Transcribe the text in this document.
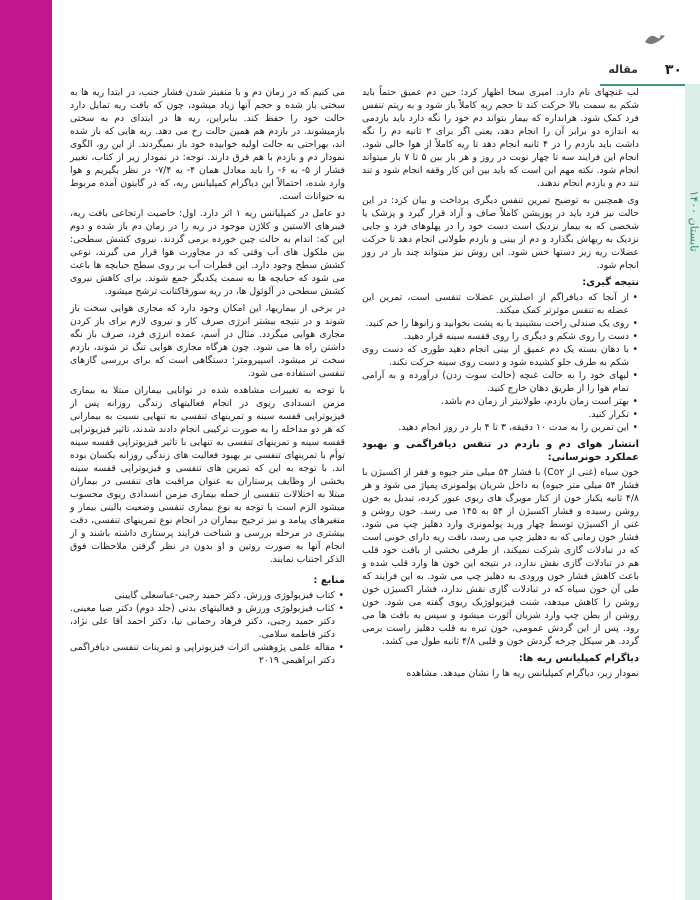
مقاله ۳۰
تابستان ۱۴۰۰

لب غنچهای نام دارد. امیری سخا اظهار کرد: حین دم عمیق حتماً باید شکم به سمت بالا حرکت کند تا حجم ریه کاملاً باز شود و به ریتم تنفس فرد کمک شود. هرانداره که بیمار بتواند دم خود را نگه دارد باید بازدمی به اندازه دو برابر آن را انجام دهد، یعنی اگر برای ۲ ثانیه دم را نگه داشت باید بازدم را در ۴ ثانیه انجام دهد تا ریه کاملاً از هوا خالی شود. انجام این فرایند سه تا چهار نوبت در روز و هر بار بین ۵ تا ۷ بار میتواند انجام شود. نکته مهم این است که باید بین این کار وقفه انجام شود و تند تند دم و بازدم انجام ندهند.

وی همچنین به توضیح تمرین تنفس دیگری پرداخت و بیان کرد: در این حالت نیز فرد باید در پوزیشن کاملاً صاف و آزاد قرار گیرد و پزشک یا شخصی که به بیمار نزدیک است دست خود را در پهلوهای فرد و جایی نزدیک به ریهاش بگذارد و دم از بینی و بازدم طولانی انجام دهد تا حرکت عضلات ریه زیر دستها حس شود. این روش نیز میتواند چند بار در روز انجام شود.

نتیجه گیری:
• از آنجا که دیافراگم از اصلیترین عضلات تنفسی است، تمرین این عضله به تنفس موثرتر کمک میکند.
• روی یک صندلی راحت بنشینید یا به پشت بخوابید و زانوها را خم کنید.
• دست را روی شکم و دیگری را روی قفسه سینه قرار دهید.
• با دهان بسته یک دم عمیق از بینی انجام دهید طوری که دست روی شکم به طرف جلو کشیده شود و دست روی سینه حرکت نکند.
• لبهای خود را به حالت غنچه (حالت سوت زدن) درآورده و به آرامی تمام هوا را از طریق دهان خارج کنید.
• بهتر است زمان بازدم، طولانیتر از زمان دم باشد.
• تکرار کنید.
• این تمرین را به مدت ۱۰ دقیقه، ۳ تا ۴ بار در روز انجام دهید.
انتشار هوای دم و بازدم در تنفس دیافراگمی و بهبود عملکرد خونرسانی:

خون سیاه (غنی از Co۲) با فشار ۵۴ میلی متر جیوه و فقر از اکسیژن با فشار ۵۴ میلی متر جیوه) به داخل شریان پولمونری پمپاژ می شود و هر ۴/۸ ثانیه یکبار خون از کنار مویرگ های ریوی عبور کرده، تبدیل به خون روشن رسیده و فشار اکسیژن از ۵۴ به ۱۴۵ می رسد. خون روشن و غنی از اکسیژن توسط چهار ورید پولمونری وارد دهلیز چپ می شود. فشار خون زمانی که به دهلیز چپ می رسد، بافت ریه دارای خونی است که در تبادلات گازی شرکت نمیکند، از طرفی بخشی از بافت خود قلب هم در تبادلات گازی نقش ندارد، در نتیجه این خون ها وارد قلب شده و باعث کاهش فشار خون ورودی به دهلیز چپ می شود. به این فرایند که طی آن خون سیاه که در تبادلات گازی نقش ندارد، فشار اکسیژن خون روشن را کاهش میدهد، شنت فیزیولوژیک ریوی گفته می شود. خون روشن از بطن چپ وارد شریان آئورت میشود و سپس به بافت ها می رود. پس از این گردش عمومی، خون تیره به قلب دهلیز راست برمی گردد. هر سیکل چرخه گردش خون و قلبی ۴/۸ ثانیه طول می کشد.

دیاگرام کمپلیانس ریه ها:

نمودار زیر، دیاگرام کمپلیانس ریه ها را نشان میدهد. مشاهده

می کنیم که در زمان دم و با منفیتر شدن فشار جنب، در ابتدا ریه ها به سختی باز شده و حجم آنها زیاد میشود، چون که بافت ریه تمایل دارد حالت خود را حفظ کند. بنابراین، ریه ها در ابتدای دم به سختی بازمیشوند. در بازدم هم همین حالت رخ می دهد. ریه هایی که باز شده اند، بهراحتی به حالت اولیه خوابیده خود باز نمیگردند. از این رو، الگوی نمودار دم و بازدم با هم فرق دارند. توجه: در نمودار زیر از کتاب، تغییر فشار از ۵- به ۶- را باید معادل همان ۴- به ۷/۴- در نظر بگیریم و هوا وارد شده، احتمالاً این دیاگرام کمپلیانس ریه، که در گایتون آمده مربوط به حیوانات است.

دو عامل در کمپلیانس ریه ۱ اثر دارد. اول: خاصیت ارتجاعی بافت ریه، فیبرهای الاستین و کلاژن موجود در ریه را در زمان دم باز شده و دوم این که: اندام به حالت چین خورده برمی گردند. نیروی کشش سطحی: بین ملکول های آب وقتی که در مجاورت هوا قرار می گیرند، نوعی کشش سطح وجود دارد. این قطرات آب بر روی سطح حبابچه ها باعث می شود که حبابچه ها به سمت یکدیگر جمع شوند. برای کاهش نیروی کشش سطحی در آلوئول ها، در ریه سورفاکتانت ترشح میشود.

در برخی از بیماریها، این امکان وجود دارد که مجاری هوایی سخت باز شوند و در نتیجه بیشتر انرژی صرف کار و نیروی لازم برای باز کردن مجاری هوایی میگردد. مثال در آسم، عمده انرژی فرد، صرف باز نگه داشتن راه ها می شود. چون هرگاه مجاری هوایی تنگ تر شوند، بازدم سخت تر میشود. اسپیرومتر: دستگاهی است که برای بررسی گازهای تنفسی استفاده می شود.

با توجه به تغییرات مشاهده شده در توانایی بیماران مبتلا به بیماری مزمن انسدادی ریوی در انجام فعالیتهای زندگی روزانه پس از فیزیوتراپی قفسه سینه و تمرینهای تنفسی به تنهایی نسبت به بیمارانی که هر دو مداخله را به صورت ترکیبی انجام دادند شدند، تاثیر فیزیوتراپی قفسه سینه و تمرینهای تنفسی به تنهایی با تاثیر فیزیوتراپی قفسه سینه توأم با تمرینهای تنفسی بر بهبود فعالیت های زندگی روزانه یکسان بوده اند. با توجه به این که تمرین های تنفسی و فیزیوتراپی قفسه سینه بخشی از وظایف پرستاران به عنوان مراقبت های تنفسی در بیماران مبتلا به اختلالات تنفسی از جمله بیماری مزمن انسدادی ریوی محسوب میشود الزم است با توجه به نوع بیماری تنفسی وضعیت بالینی بیمار و متغیرهای پیامد و نیز ترجیح بیماران در انجام نوع تمرینهای تنفسی، دقت بیشتری در مرحله بررسی و شناخت فرایند پرستاری داشته باشند و از انجام آنها به صورت روتین و او بدون در نظر گرفتن ملاحظات فوق الذکر اجتناب نمایند.

منابع :
• کتاب فیزیولوژی ورزش. دکتر حمید رجبی-عباسعلی گایینی
• کتاب فیزیولوژی ورزش و فعالیتهای بدنی (جلد دوم) دکتر ضیا معینی. دکتر حمید رجبی، دکتر فرهاد رحمانی نیا، دکتر احمد آقا علی نژاد، دکتر فاطمه سلامی.
• مقاله علمی پژوهشی اثرات فیزیوتراپی و تمرینات تنفسی دیافراگمی دکتر ابراهیمی ۲۰۱۹
